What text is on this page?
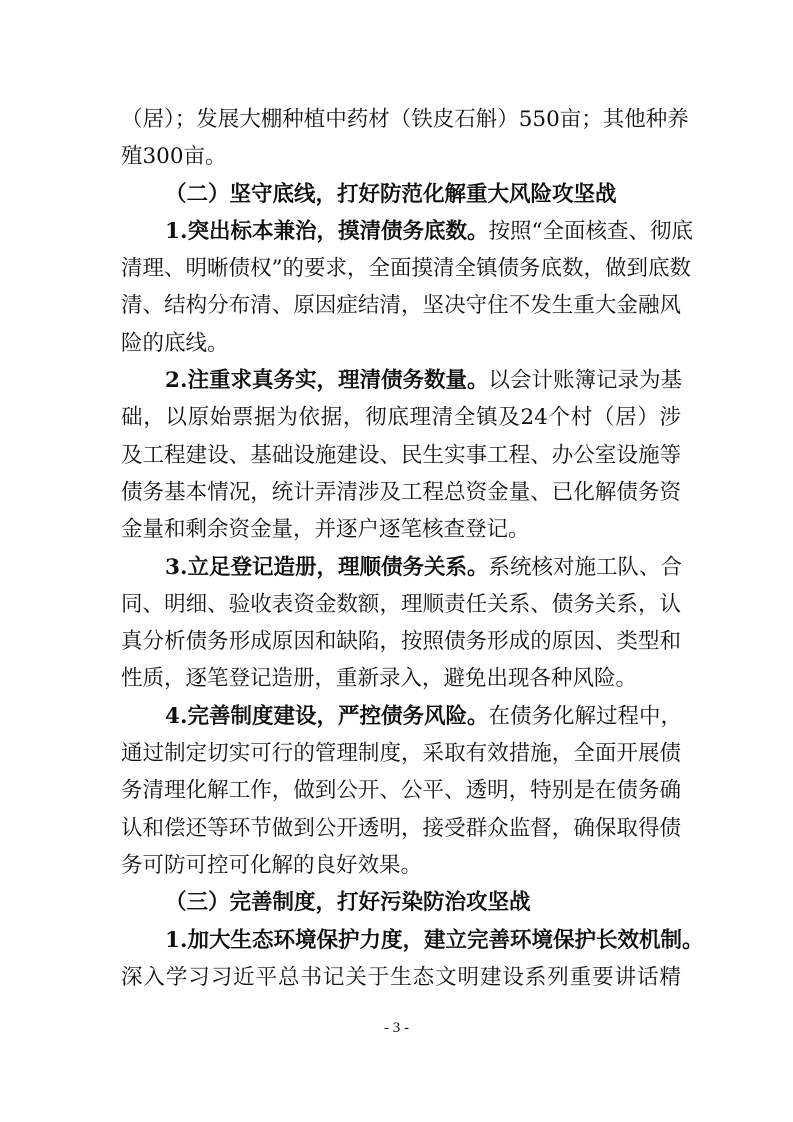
（居）；发展大棚种植中药材（铁皮石斛）550亩；其他种养
殖300亩。
（二）坚守底线，打好防范化解重大风险攻坚战
1.突出标本兼治，摸清债务底数。按照“全面核查、彻底
清理、明晰债权”的要求，全面摸清全镇债务底数，做到底数
清、结构分布清、原因症结清，坚决守住不发生重大金融风
险的底线。
2.注重求真务实，理清债务数量。以会计账簿记录为基
础，以原始票据为依据，彻底理清全镇及24个村（居）涉
及工程建设、基础设施建设、民生实事工程、办公室设施等
债务基本情况，统计弄清涉及工程总资金量、已化解债务资
金量和剩余资金量，并逐户逐笔核查登记。
3.立足登记造册，理顺债务关系。系统核对施工队、合
同、明细、验收表资金数额，理顺责任关系、债务关系，认
真分析债务形成原因和缺陷，按照债务形成的原因、类型和
性质，逐笔登记造册，重新录入，避免出现各种风险。
4.完善制度建设，严控债务风险。在债务化解过程中，
通过制定切实可行的管理制度，采取有效措施，全面开展债
务清理化解工作，做到公开、公平、透明，特别是在债务确
认和偿还等环节做到公开透明，接受群众监督，确保取得债
务可防可控可化解的良好效果。
（三）完善制度，打好污染防治攻坚战
1.加大生态环境保护力度，建立完善环境保护长效机制。
深入学习习近平总书记关于生态文明建设系列重要讲话精
- 3 -
